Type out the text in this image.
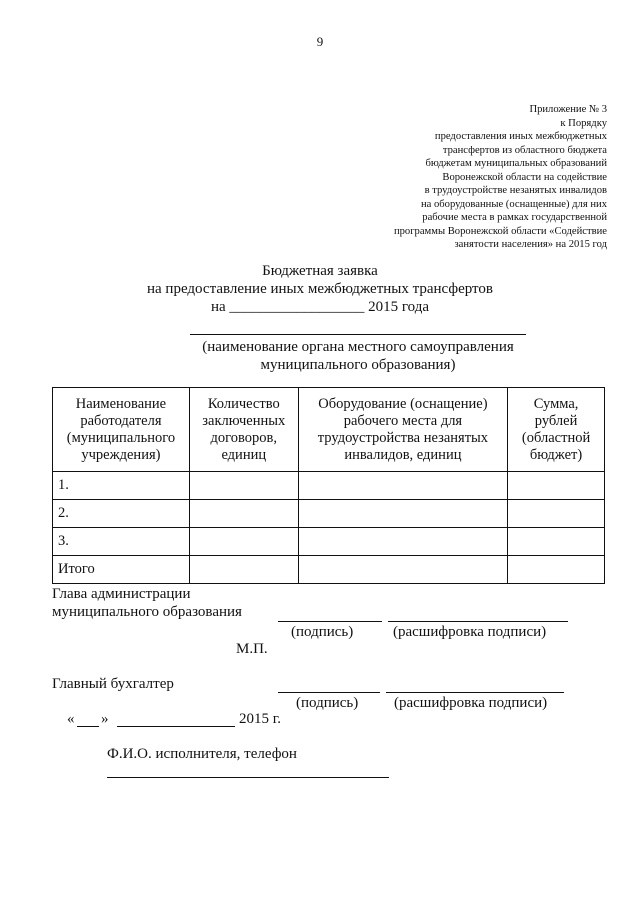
9
Приложение № 3
к Порядку
предоставления иных межбюджетных
трансфертов из областного бюджета
бюджетам муниципальных образований
Воронежской области на содействие
в трудоустройстве незанятых инвалидов
на оборудованные (оснащенные) для них
рабочие места в рамках государственной
программы Воронежской области «Содействие
занятости населения» на 2015 год
Бюджетная заявка
на предоставление иных межбюджетных трансфертов
на __________________ 2015 года
(наименование органа местного самоуправления
муниципального образования)
Наименование
работодателя
(муниципального
учреждения)	Количество
заключенных
договоров,
единиц	Оборудование (оснащение)
рабочего места для
трудоустройства незанятых
инвалидов, единиц	Сумма,
рублей
(областной
бюджет)
1.			
2.			
3.			
Итого			
Глава администрации
муниципального образования
(подпись)	(расшифровка подписи)
М.П.
Главный бухгалтер
(подпись) (расшифровка подписи)
« »	2015 г.
Ф.И.О. исполнителя, телефон
